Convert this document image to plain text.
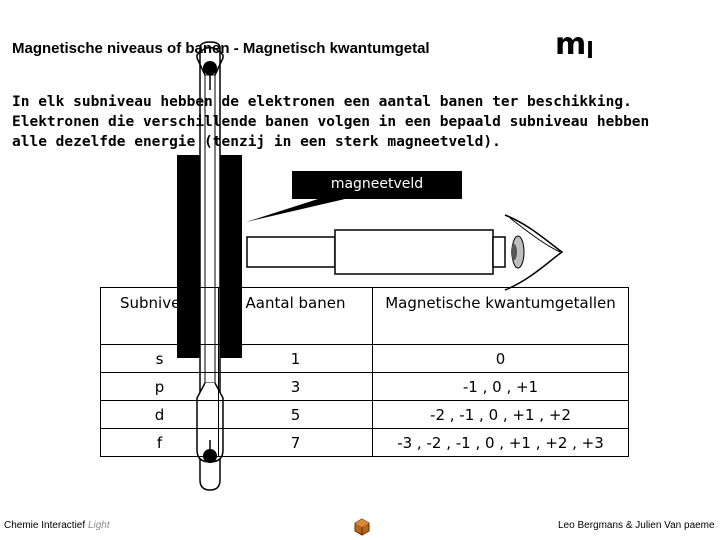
Magnetische niveaus of banen - Magnetisch kwantumgetal	$m_l$

In elk subniveau hebben de elektronen een aantal banen ter beschikking.

Elektronen die verschillende banen volgen in een bepaald subniveau hebben

alle dezelfde energie (tenzij in een sterk magneetveld).

magneetveld
Subniveau	Aantal banen	Magnetische kwantumgetallen
s	1	0
p	3	-1 , 0 , +1
d	5	-2 , -1 , 0 , +1 , +2
f	7	-3 , -2 , -1 , 0 , +1 , +2 , +3
Chemie Interactief Light	Leo Bergmans & Julien Van paeme
